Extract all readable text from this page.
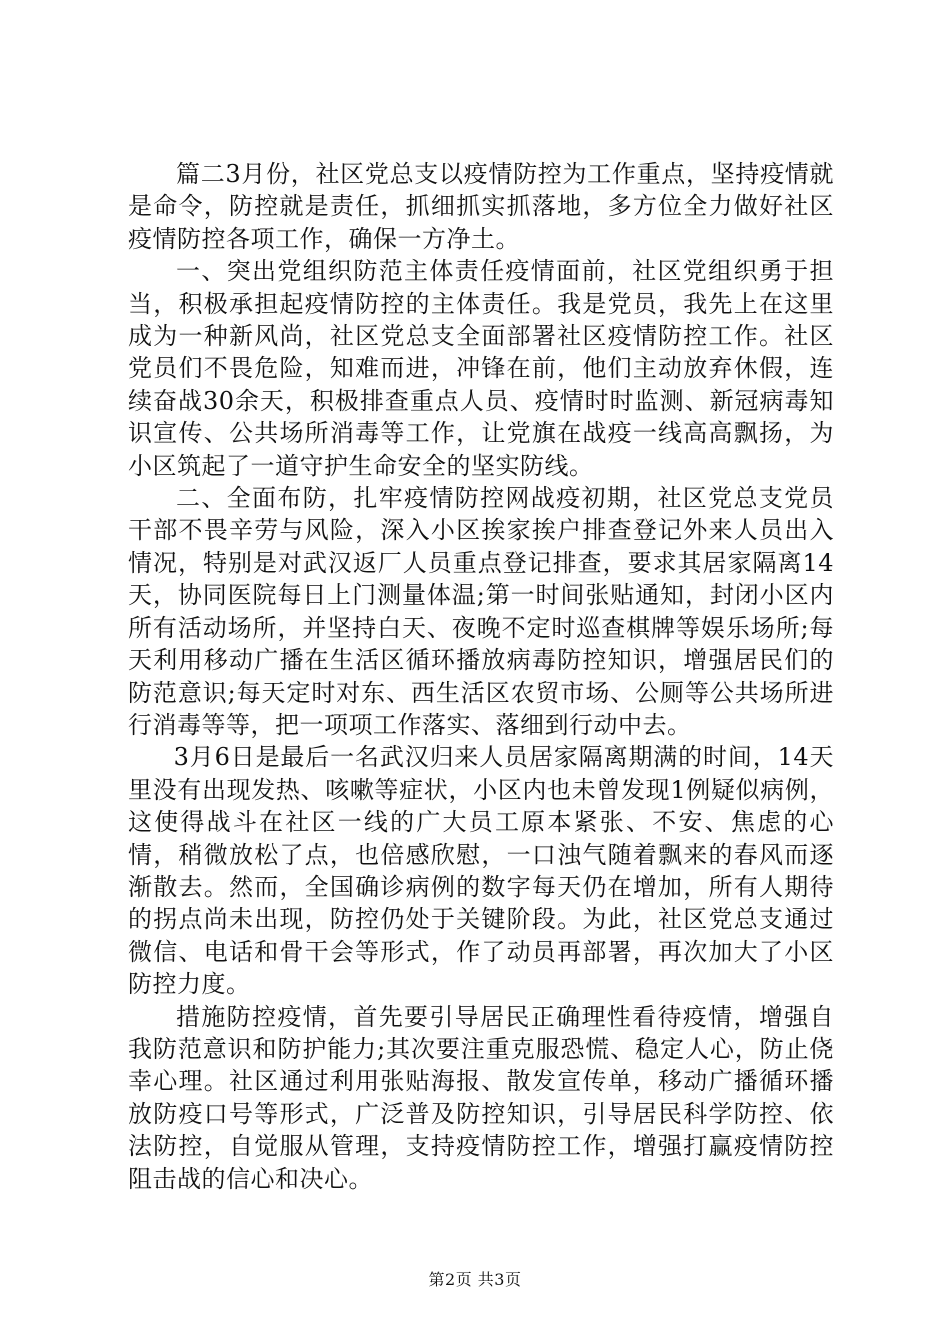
篇二3月份，社区党总支以疫情防控为工作重点，坚持疫情就是命令，防控就是责任，抓细抓实抓落地，多方位全力做好社区疫情防控各项工作，确保一方净土。

一、突出党组织防范主体责任疫情面前，社区党组织勇于担当，积极承担起疫情防控的主体责任。我是党员，我先上在这里成为一种新风尚，社区党总支全面部署社区疫情防控工作。社区党员们不畏危险，知难而进，冲锋在前，他们主动放弃休假，连续奋战30余天，积极排查重点人员、疫情时时监测、新冠病毒知识宣传、公共场所消毒等工作，让党旗在战疫一线高高飘扬，为小区筑起了一道守护生命安全的坚实防线。

二、全面布防，扎牢疫情防控网战疫初期，社区党总支党员干部不畏辛劳与风险，深入小区挨家挨户排查登记外来人员出入情况，特别是对武汉返厂人员重点登记排查，要求其居家隔离14天，协同医院每日上门测量体温;第一时间张贴通知，封闭小区内所有活动场所，并坚持白天、夜晚不定时巡查棋牌等娱乐场所;每天利用移动广播在生活区循环播放病毒防控知识，增强居民们的防范意识;每天定时对东、西生活区农贸市场、公厕等公共场所进行消毒等等，把一项项工作落实、落细到行动中去。

3月6日是最后一名武汉归来人员居家隔离期满的时间，14天里没有出现发热、咳嗽等症状，小区内也未曾发现1例疑似病例，这使得战斗在社区一线的广大员工原本紧张、不安、焦虑的心情，稍微放松了点，也倍感欣慰，一口浊气随着飘来的春风而逐渐散去。然而，全国确诊病例的数字每天仍在增加，所有人期待的拐点尚未出现，防控仍处于关键阶段。为此，社区党总支通过微信、电话和骨干会等形式，作了动员再部署，再次加大了小区防控力度。

措施防控疫情，首先要引导居民正确理性看待疫情，增强自我防范意识和防护能力;其次要注重克服恐慌、稳定人心，防止侥幸心理。社区通过利用张贴海报、散发宣传单，移动广播循环播放防疫口号等形式，广泛普及防控知识，引导居民科学防控、依法防控，自觉服从管理，支持疫情防控工作，增强打赢疫情防控阻击战的信心和决心。

第2页 共3页
